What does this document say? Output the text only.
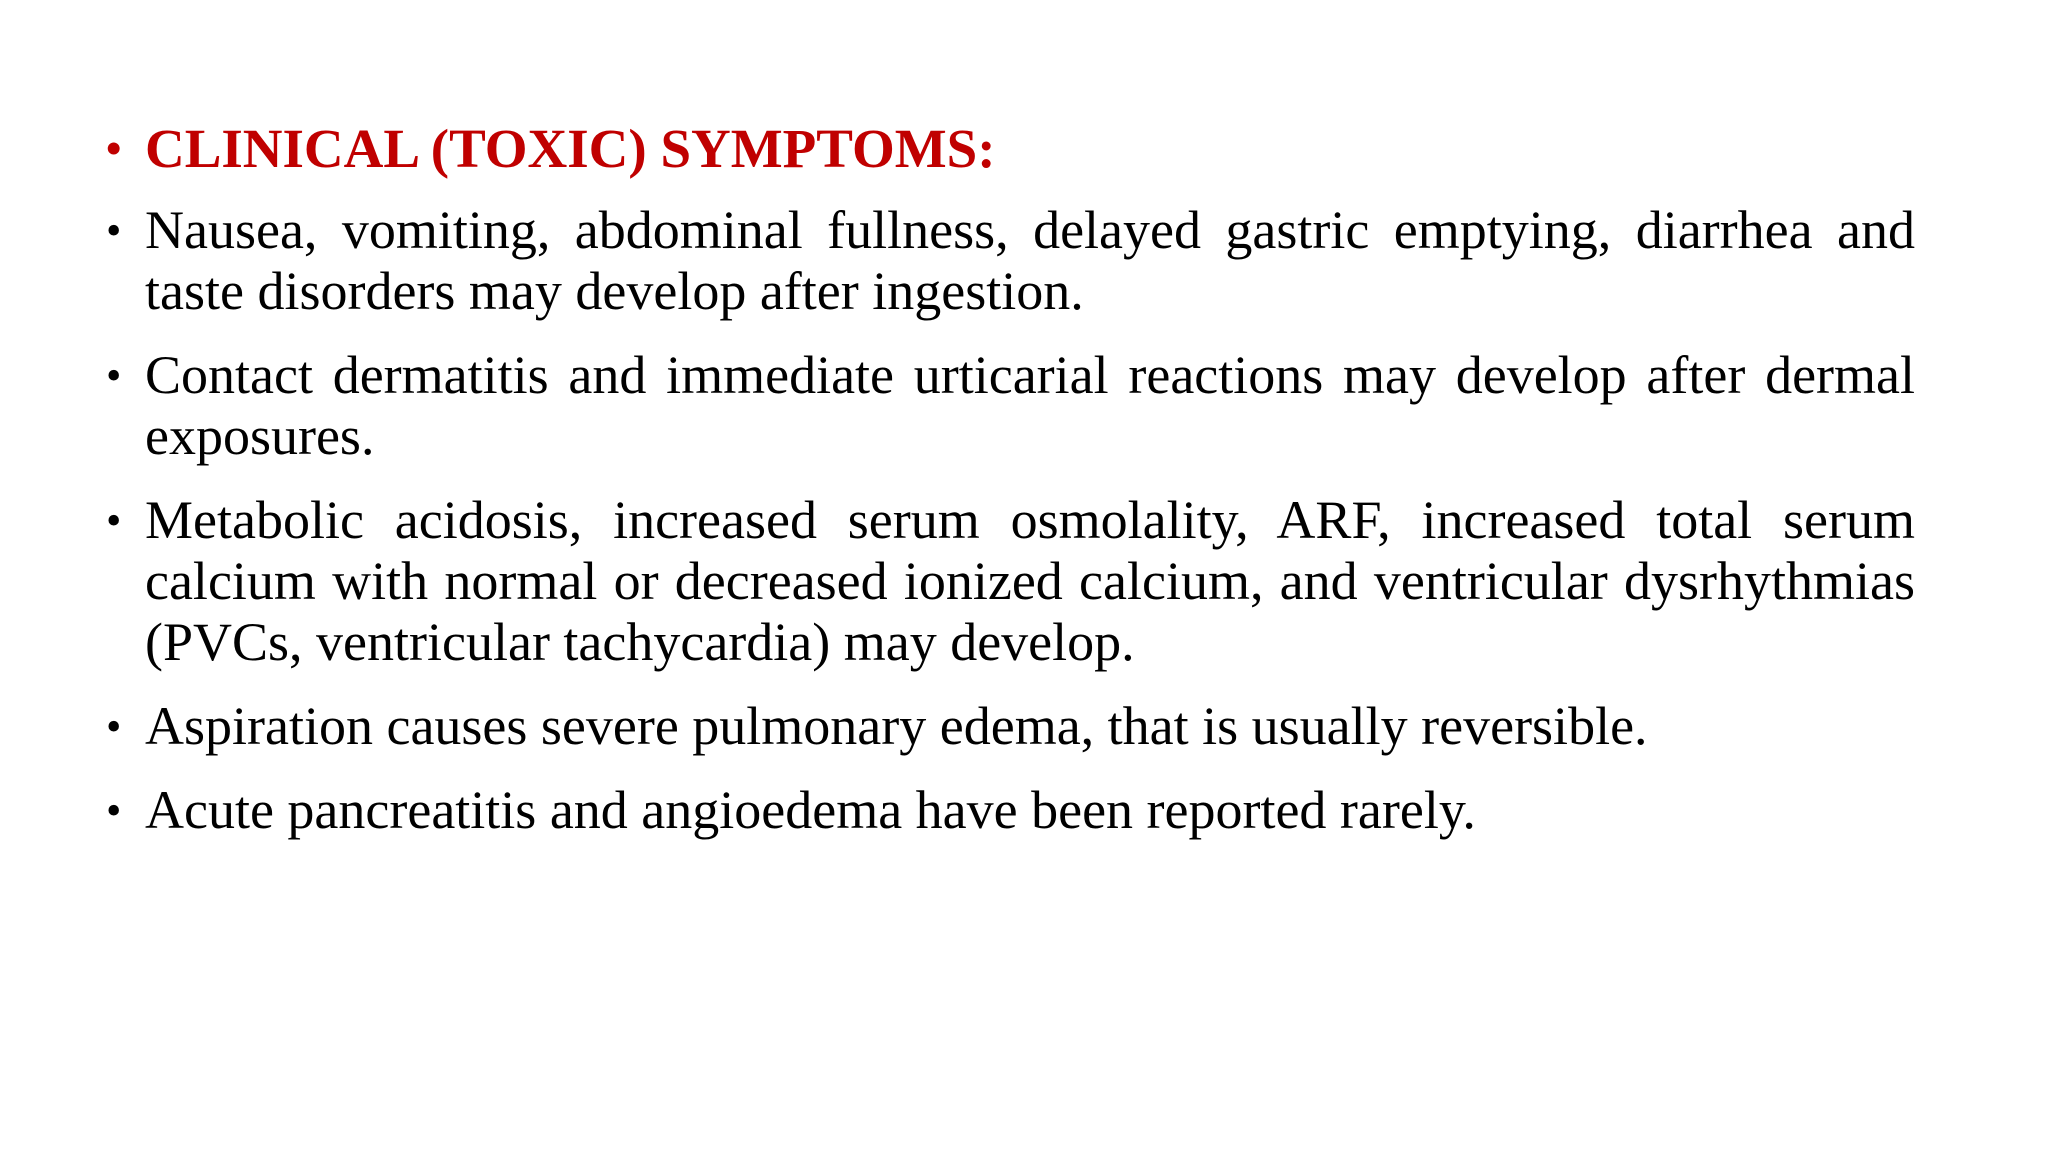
• CLINICAL (TOXIC) SYMPTOMS:
• Nausea, vomiting, abdominal fullness, delayed gastric emptying, diarrhea and taste disorders may develop after ingestion.
• Contact dermatitis and immediate urticarial reactions may develop after dermal exposures.
• Metabolic acidosis, increased serum osmolality, ARF, increased total serum calcium with normal or decreased ionized calcium, and ventricular dysrhythmias (PVCs, ventricular tachycardia) may develop.
• Aspiration causes severe pulmonary edema, that is usually reversible.
• Acute pancreatitis and angioedema have been reported rarely.
